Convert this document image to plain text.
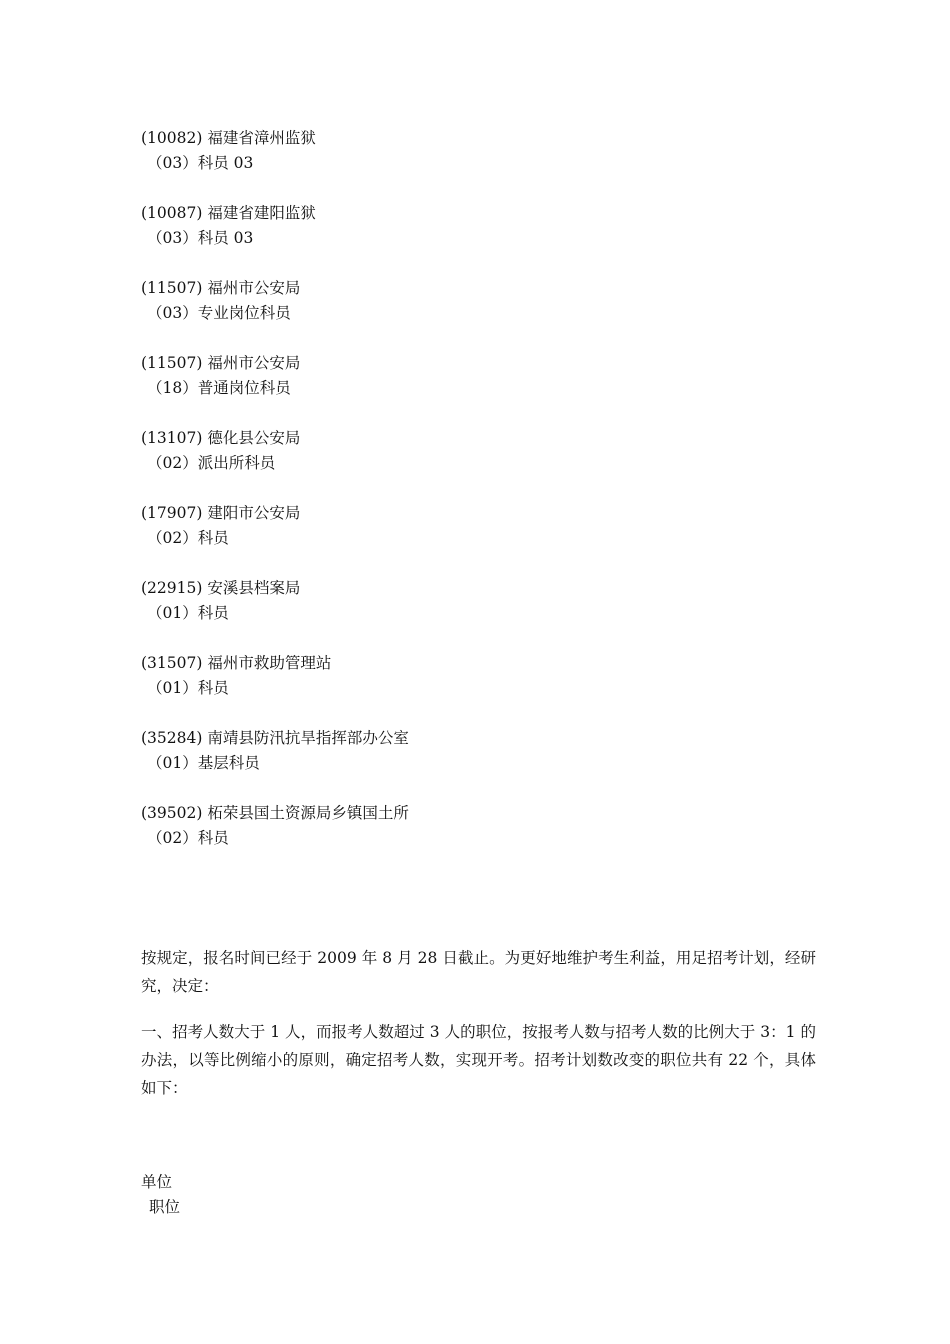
(10082) 福建省漳州监狱
（03）科员 03
(10087) 福建省建阳监狱
（03）科员 03
(11507) 福州市公安局
（03）专业岗位科员
(11507) 福州市公安局
（18）普通岗位科员
(13107) 德化县公安局
（02）派出所科员
(17907) 建阳市公安局
（02）科员
(22915) 安溪县档案局
（01）科员
(31507) 福州市救助管理站
（01）科员
(35284) 南靖县防汛抗旱指挥部办公室
（01）基层科员
(39502) 柘荣县国土资源局乡镇国土所
（02）科员

按规定，报名时间已经于 2009 年 8 月 28 日截止。为更好地维护考生利益，用足招考计划，经研究，决定：

一、招考人数大于 1 人，而报考人数超过 3 人的职位，按报考人数与招考人数的比例大于 3：1 的办法，以等比例缩小的原则，确定招考人数，实现开考。招考计划数改变的职位共有 22 个，具体如下：

单位
职位
